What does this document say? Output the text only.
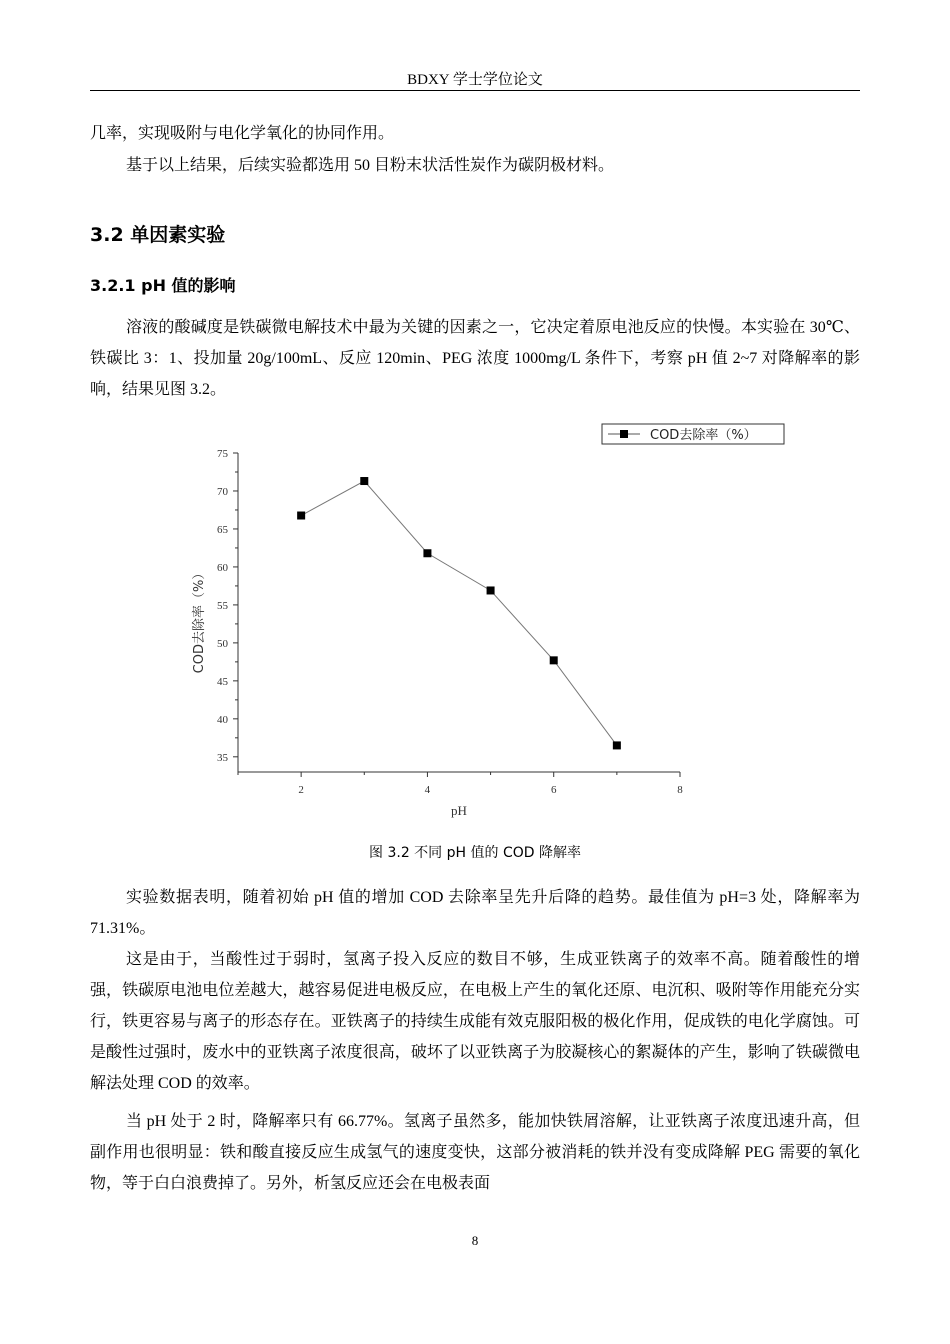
BDXY 学士学位论文

几率，实现吸附与电化学氧化的协同作用。

基于以上结果，后续实验都选用 50 目粉末状活性炭作为碳阴极材料。

3.2 单因素实验
3.2.1 pH 值的影响

溶液的酸碱度是铁碳微电解技术中最为关键的因素之一，它决定着原电池反应的快慢。本实验在 30℃、铁碳比 3：1、投加量 20g/100mL、反应 120min、PEG 浓度 1000mg/L 条件下，考察 pH 值 2~7 对降解率的影响，结果见图 3.2。

COD去除率（%）
35
40
45
50
55
60
65
70
75
2	4	6	8
pH
COD去除率（%）
图 3.2 不同 pH 值的 COD 降解率

实验数据表明，随着初始 pH 值的增加 COD 去除率呈先升后降的趋势。最佳值为 pH=3 处，降解率为 71.31%。

这是由于，当酸性过于弱时，氢离子投入反应的数目不够，生成亚铁离子的效率不高。随着酸性的增强，铁碳原电池电位差越大，越容易促进电极反应，在电极上产生的氧化还原、电沉积、吸附等作用能充分实行，铁更容易与离子的形态存在。亚铁离子的持续生成能有效克服阳极的极化作用，促成铁的电化学腐蚀。可是酸性过强时，废水中的亚铁离子浓度很高，破坏了以亚铁离子为胶凝核心的絮凝体的产生，影响了铁碳微电解法处理 COD 的效率。

当 pH 处于 2 时，降解率只有 66.77%。氢离子虽然多，能加快铁屑溶解，让亚铁离子浓度迅速升高，但副作用也很明显：铁和酸直接反应生成氢气的速度变快，这部分被消耗的铁并没有变成降解 PEG 需要的氧化物，等于白白浪费掉了。另外，析氢反应还会在电极表面

8
